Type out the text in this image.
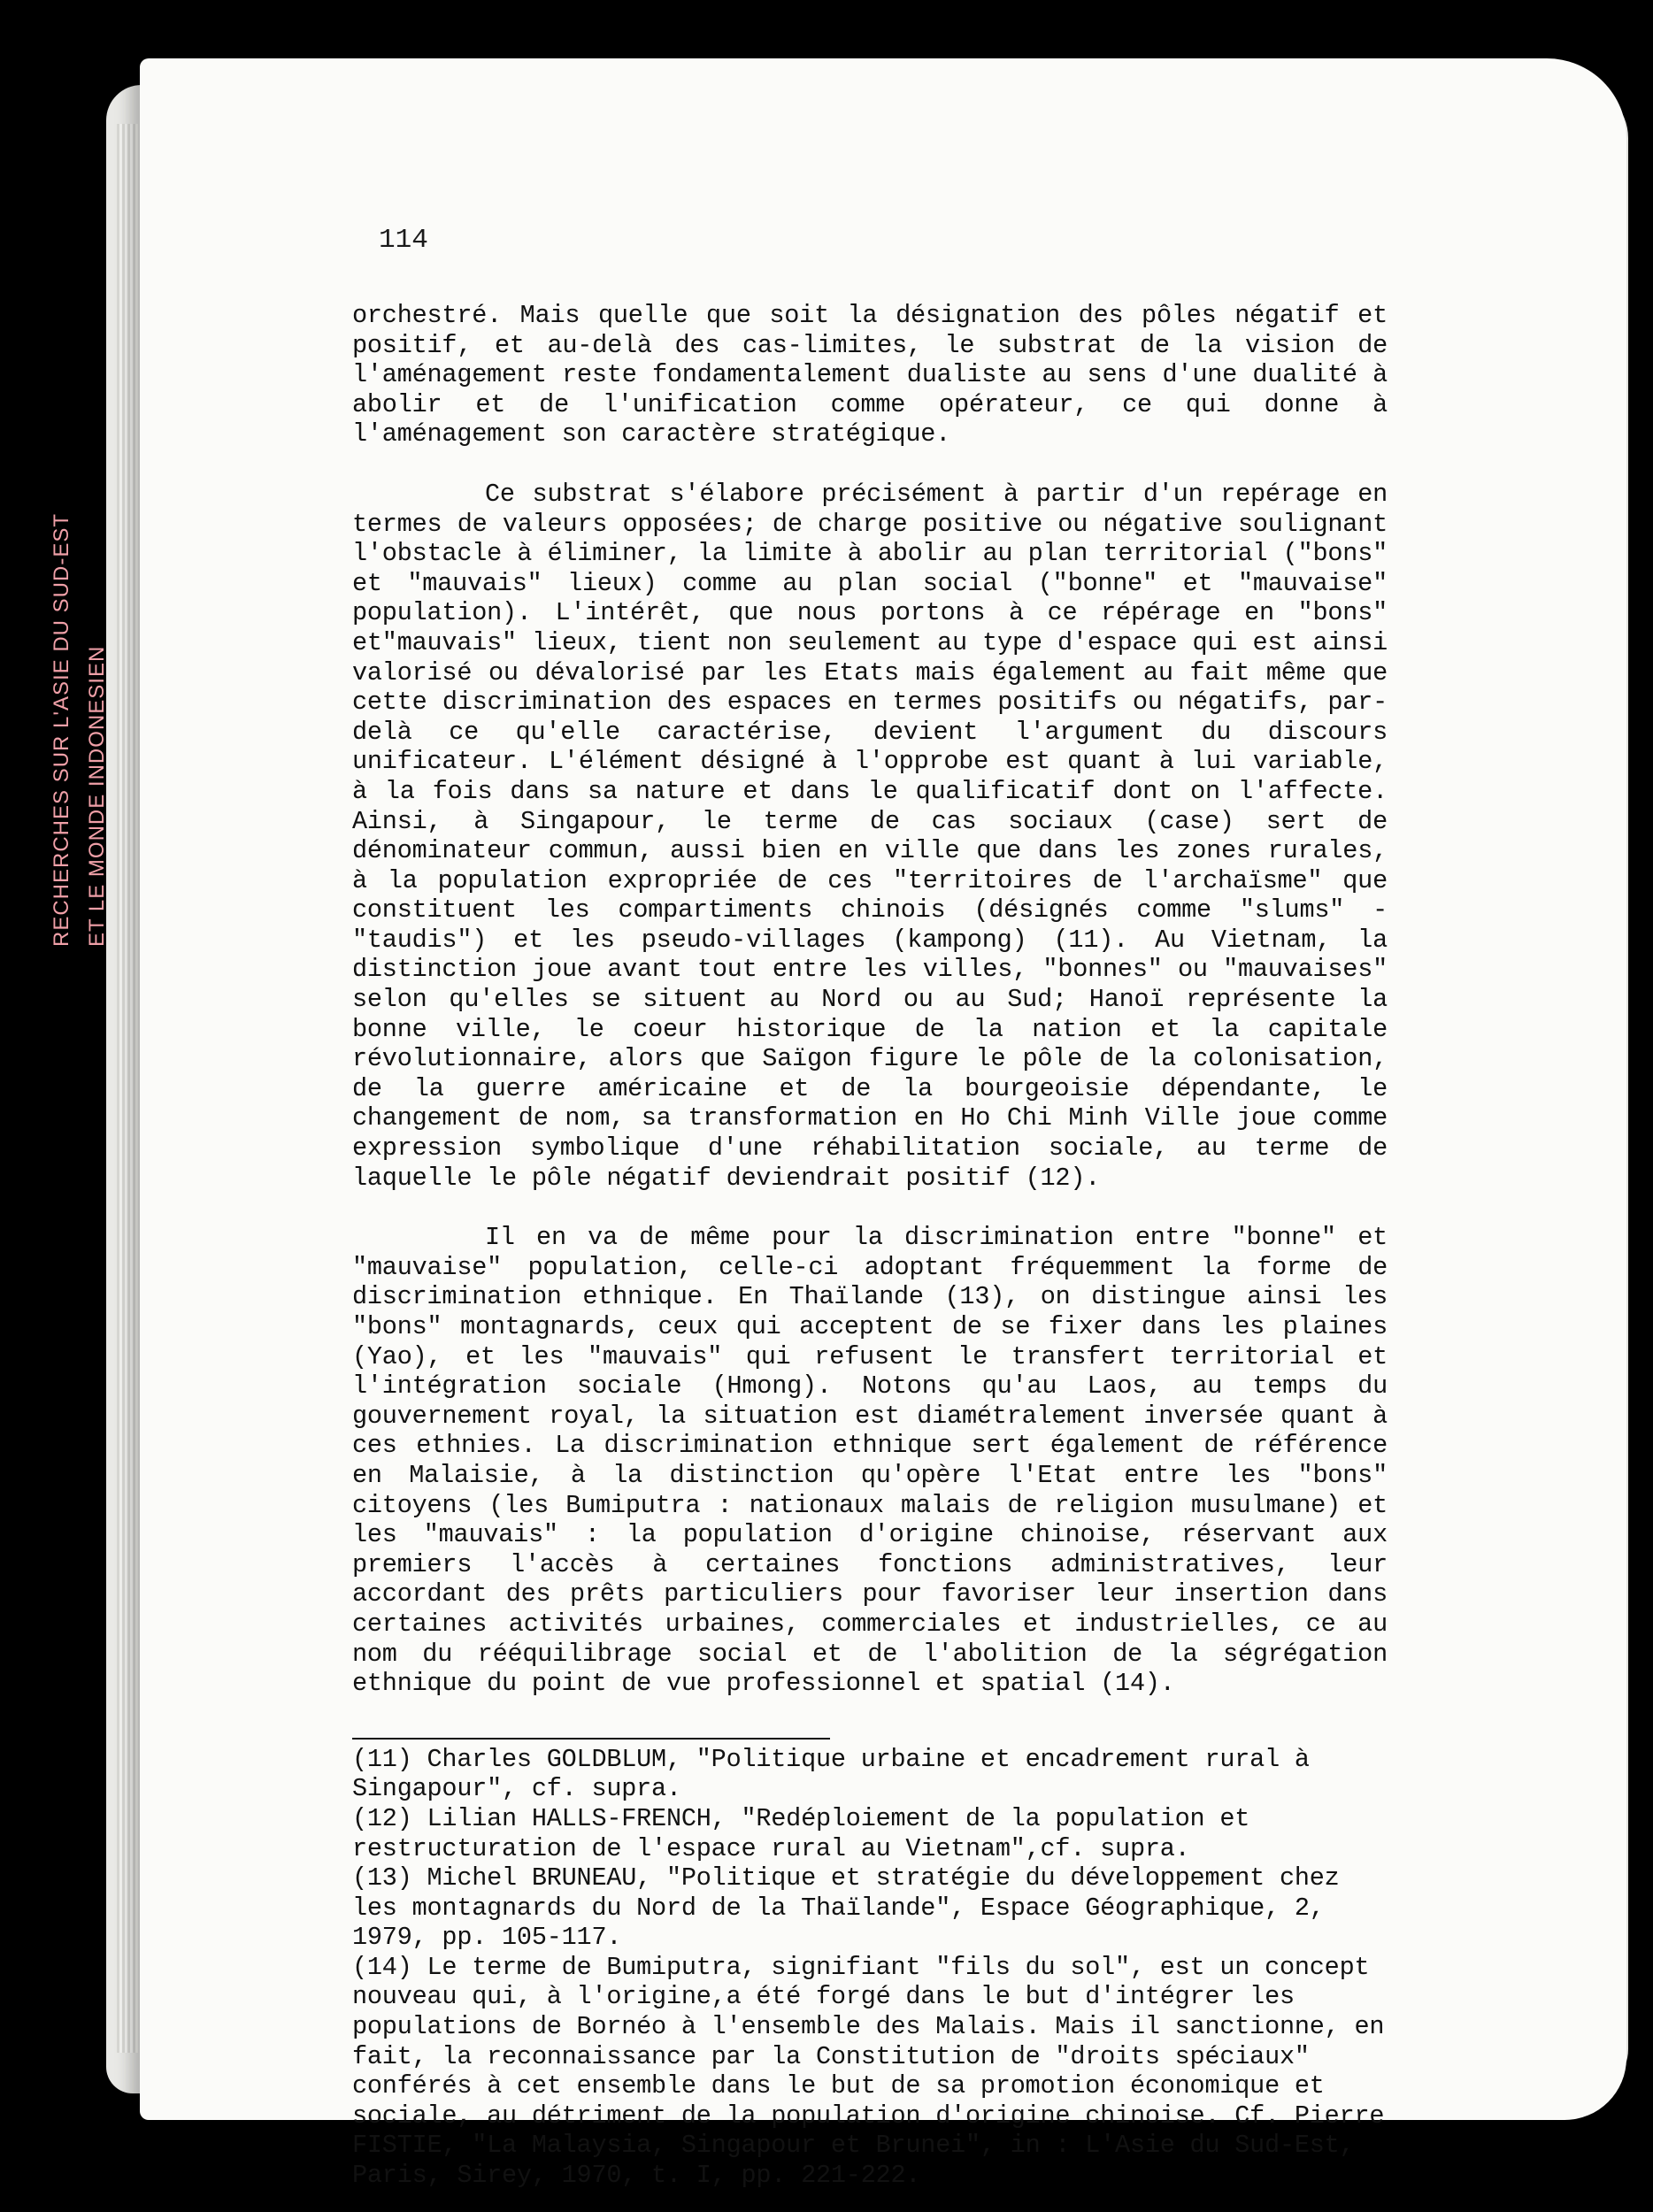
114

orchestré. Mais quelle que soit la désignation des pôles négatif et positif, et au-delà des cas-limites, le substrat de la vision de l'aménagement reste fondamentalement dualiste au sens d'une dualité à abolir et de l'unification comme opérateur, ce qui donne à l'aménagement son caractère stratégique.

Ce substrat s'élabore précisément à partir d'un repérage en termes de valeurs opposées; de charge positive ou négative soulignant l'obstacle à éliminer, la limite à abolir au plan territorial ("bons" et "mauvais" lieux) comme au plan social ("bonne" et "mauvaise" population). L'intérêt, que nous portons à ce répérage en "bons" et"mauvais" lieux, tient non seulement au type d'espace qui est ainsi valorisé ou dévalorisé par les Etats mais également au fait même que cette discrimination des espaces en termes positifs ou négatifs, par-delà ce qu'elle caractérise, devient l'argument du discours unificateur. L'élément désigné à l'opprobe est quant à lui variable, à la fois dans sa nature et dans le qualificatif dont on l'affecte. Ainsi, à Singapour, le terme de cas sociaux (case) sert de dénominateur commun, aussi bien en ville que dans les zones rurales, à la population expropriée de ces "territoires de l'archaïsme" que constituent les compartiments chinois (désignés comme "slums" - "taudis") et les pseudo-villages (kampong) (11). Au Vietnam, la distinction joue avant tout entre les villes, "bonnes" ou "mauvaises" selon qu'elles se situent au Nord ou au Sud; Hanoï représente la bonne ville, le coeur historique de la nation et la capitale révolutionnaire, alors que Saïgon figure le pôle de la colonisation, de la guerre américaine et de la bourgeoisie dépendante, le changement de nom, sa transformation en Ho Chi Minh Ville joue comme expression symbolique d'une réhabilitation sociale, au terme de laquelle le pôle négatif deviendrait positif (12).

Il en va de même pour la discrimination entre "bonne" et "mauvaise" population, celle-ci adoptant fréquemment la forme de discrimination ethnique. En Thaïlande (13), on distingue ainsi les "bons" montagnards, ceux qui acceptent de se fixer dans les plaines (Yao), et les "mauvais" qui refusent le transfert territorial et l'intégration sociale (Hmong). Notons qu'au Laos, au temps du gouvernement royal, la situation est diamétralement inversée quant à ces ethnies. La discrimination ethnique sert également de référence en Malaisie, à la distinction qu'opère l'Etat entre les "bons" citoyens (les Bumiputra : nationaux malais de religion musulmane) et les "mauvais" : la population d'origine chinoise, réservant aux premiers l'accès à certaines fonctions administratives, leur accordant des prêts particuliers pour favoriser leur insertion dans certaines activités urbaines, commerciales et industrielles, ce au nom du rééquilibrage social et de l'abolition de la ségrégation ethnique du point de vue professionnel et spatial (14).

(11) Charles GOLDBLUM, "Politique urbaine et encadrement rural à Singapour", cf. supra.

(12) Lilian HALLS-FRENCH, "Redéploiement de la population et restructuration de l'espace rural au Vietnam",cf. supra.

(13) Michel BRUNEAU, "Politique et stratégie du développement chez les montagnards du Nord de la Thaïlande", Espace Géographique, 2, 1979, pp. 105-117.

(14) Le terme de Bumiputra, signifiant "fils du sol", est un concept nouveau qui, à l'origine,a été forgé dans le but d'intégrer les populations de Bornéo à l'ensemble des Malais. Mais il sanctionne, en fait, la reconnaissance par la Constitution de "droits spéciaux" conférés à cet ensemble dans le but de sa promotion économique et sociale, au détriment de la population d'origine chinoise. Cf. Pierre FISTIE, "La Malaysia, Singapour et Brunei", in : L'Asie du Sud-Est, Paris, Sirey, 1970, t. I, pp. 221-222.

RECHERCHES SUR L'ASIE DU SUD-EST ET LE MONDE INDONESIEN
